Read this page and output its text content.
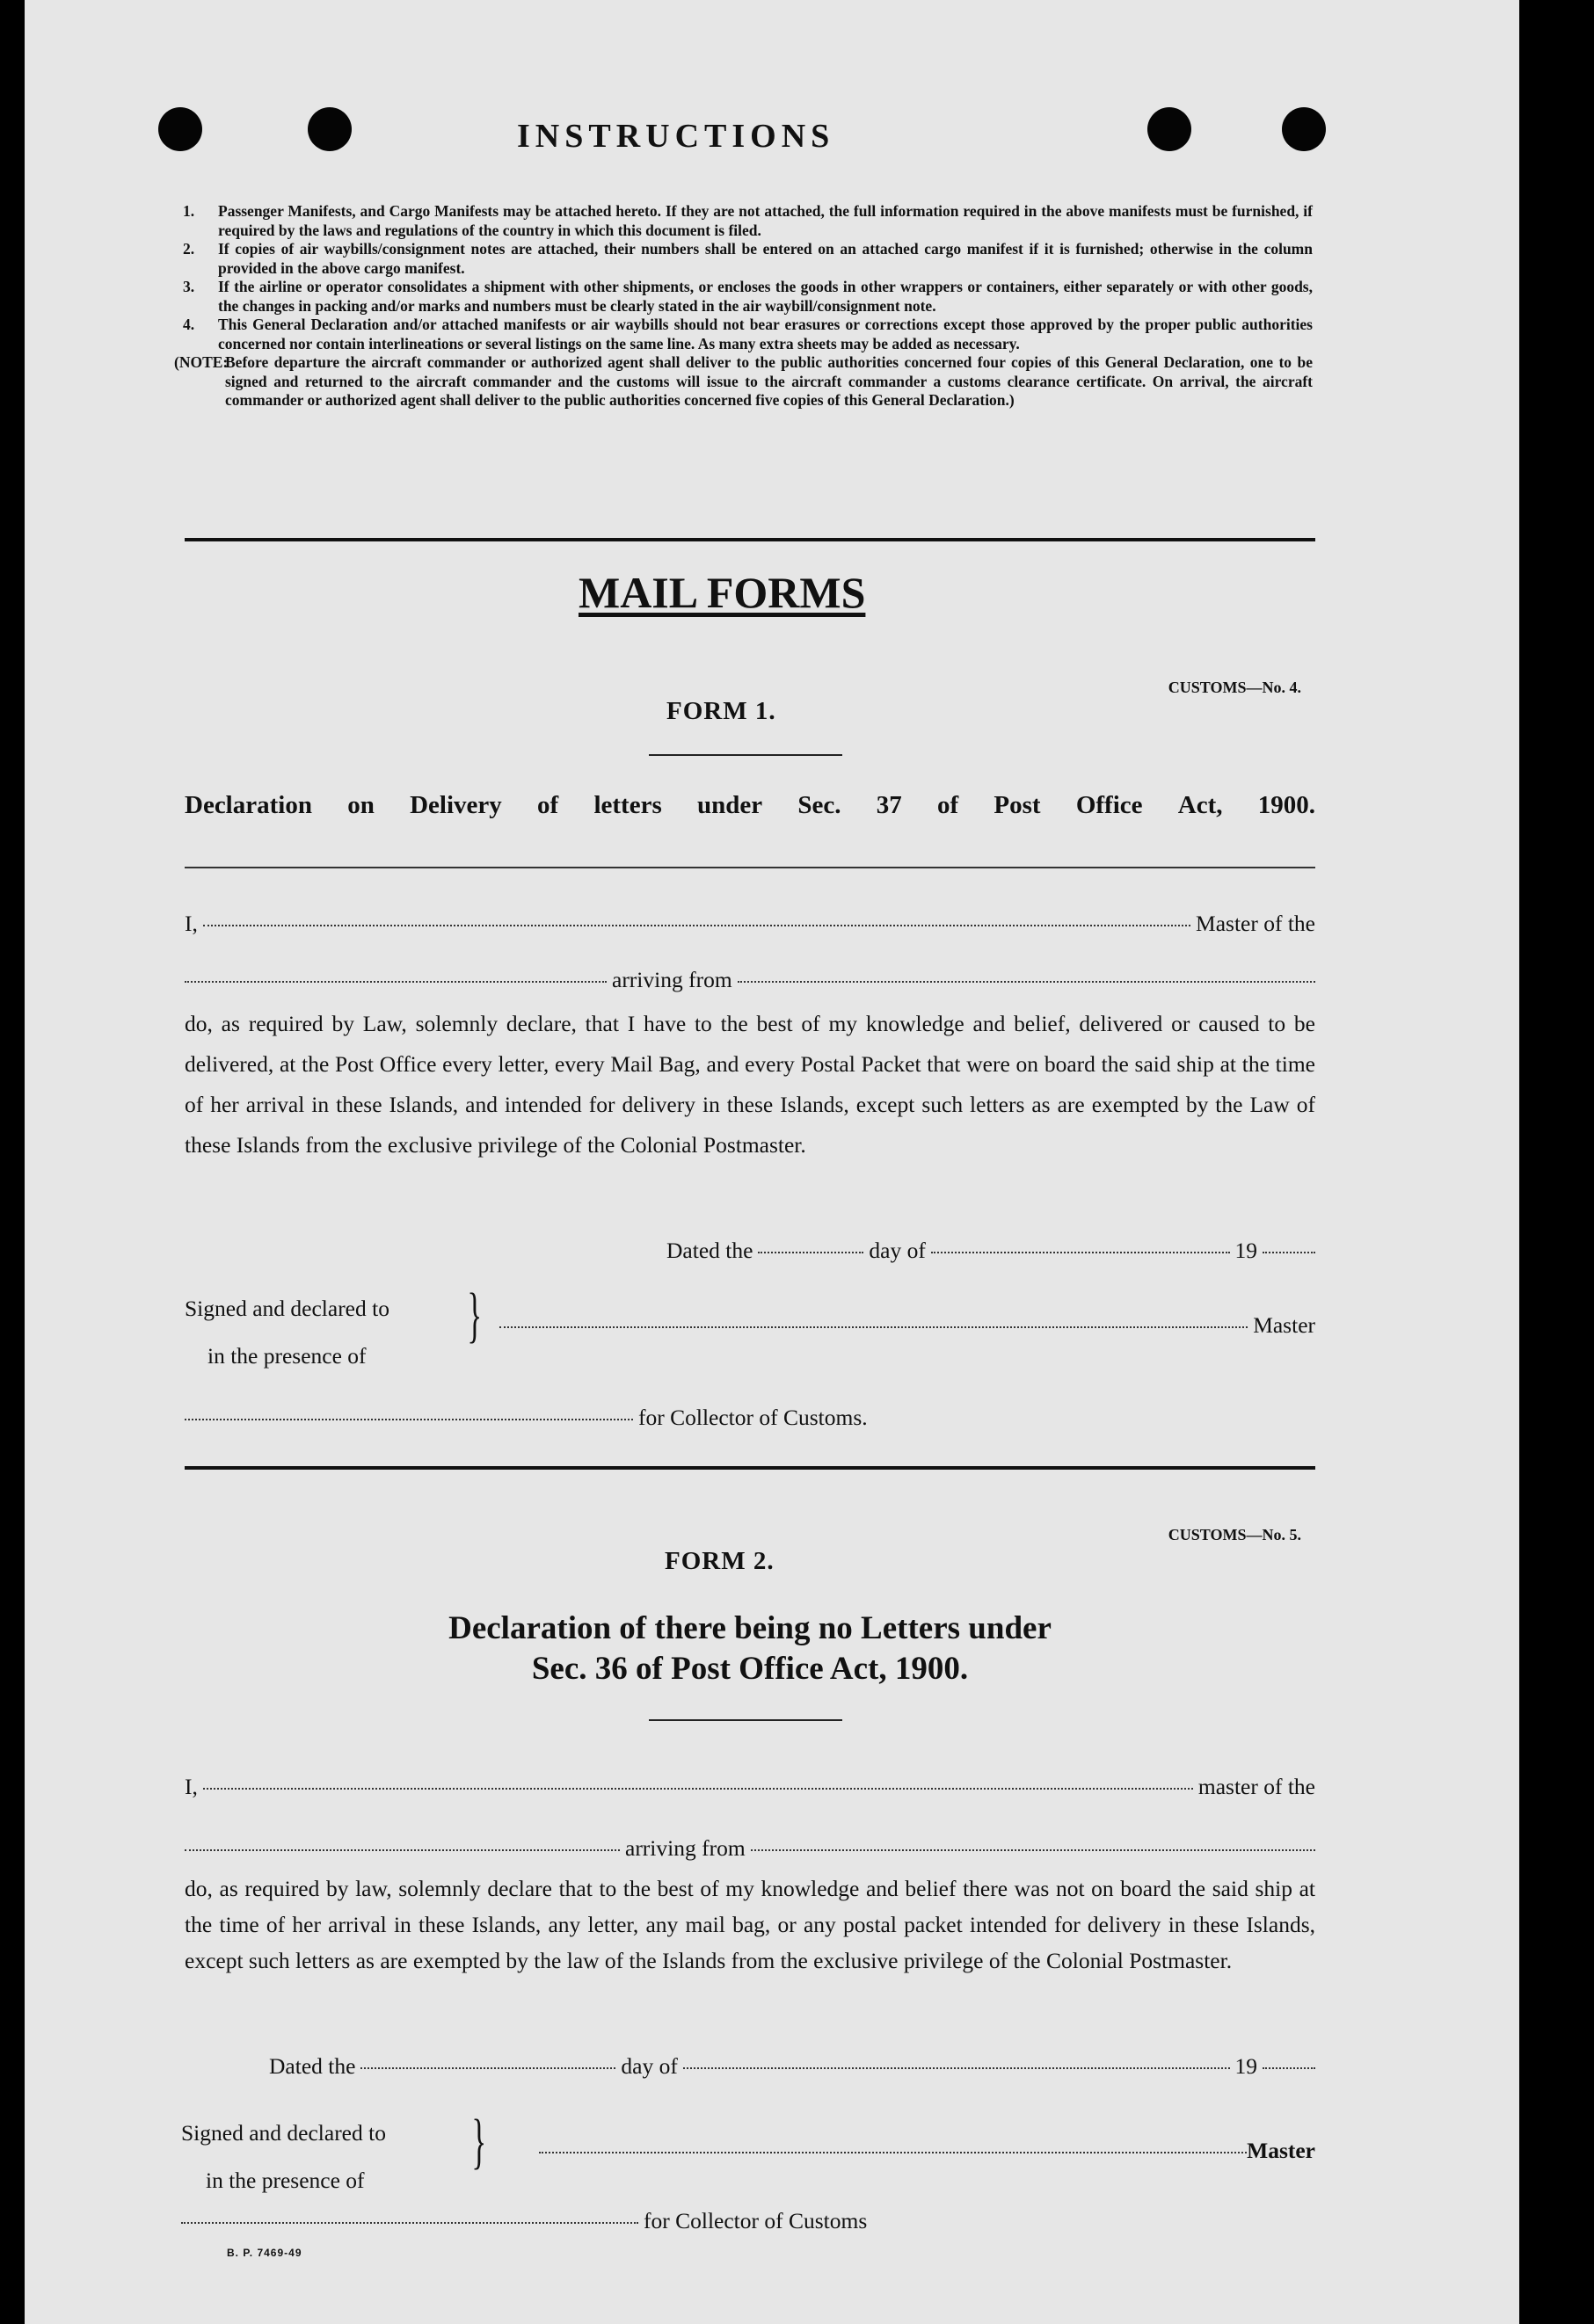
INSTRUCTIONS
1.	Passenger Manifests, and Cargo Manifests may be attached hereto. If they are not attached, the full information required in the above manifests must be furnished, if required by the laws and regulations of the country in which this document is filed.
2.	If copies of air waybills/consignment notes are attached, their numbers shall be entered on an attached cargo manifest if it is furnished; otherwise in the column provided in the above cargo manifest.
3.	If the airline or operator consolidates a shipment with other shipments, or encloses the goods in other wrappers or containers, either separately or with other goods, the changes in packing and/or marks and numbers must be clearly stated in the air waybill/consignment note.
4.	This General Declaration and/or attached manifests or air waybills should not bear erasures or corrections except those approved by the proper public authorities concerned nor contain interlineations or several listings on the same line. As many extra sheets may be added as necessary.
(NOTE:
Before departure the aircraft commander or authorized agent shall deliver to the public authorities concerned four copies of this General Declaration, one to be signed and returned to the aircraft commander and the customs will issue to the aircraft commander a customs clearance certificate. On arrival, the aircraft commander or authorized agent shall deliver to the public authorities concerned five copies of this General Declaration.)
MAIL FORMS
CUSTOMS—No. 4.
FORM 1.
Declaration on Delivery of letters under Sec. 37 of Post Office Act, 1900.
I,	Master of the
arriving from
do, as required by Law, solemnly declare, that I have to the best of my knowledge and belief, delivered or caused to be delivered, at the Post Office every letter, every Mail Bag, and every Postal Packet that were on board the said ship at the time of her arrival in these Islands, and intended for delivery in these Islands, except such letters as are exempted by the Law of these Islands from the exclusive privilege of the Colonial Postmaster.
Dated the	day of	19
Signed and declared to
in the presence of
}	Master
for Collector of Customs.
CUSTOMS—No. 5.
FORM 2.
Declaration of there being no Letters under
Sec. 36 of Post Office Act, 1900.
I,	master of the
arriving from
do, as required by law, solemnly declare that to the best of my knowledge and belief there was not on board the said ship at the time of her arrival in these Islands, any letter, any mail bag, or any postal packet intended for delivery in these Islands, except such letters as are exempted by the law of the Islands from the exclusive privilege of the Colonial Postmaster.
Dated the	day of	19
Signed and declared to
in the presence of
}	Master
for Collector of Customs
B. P. 7469-49
